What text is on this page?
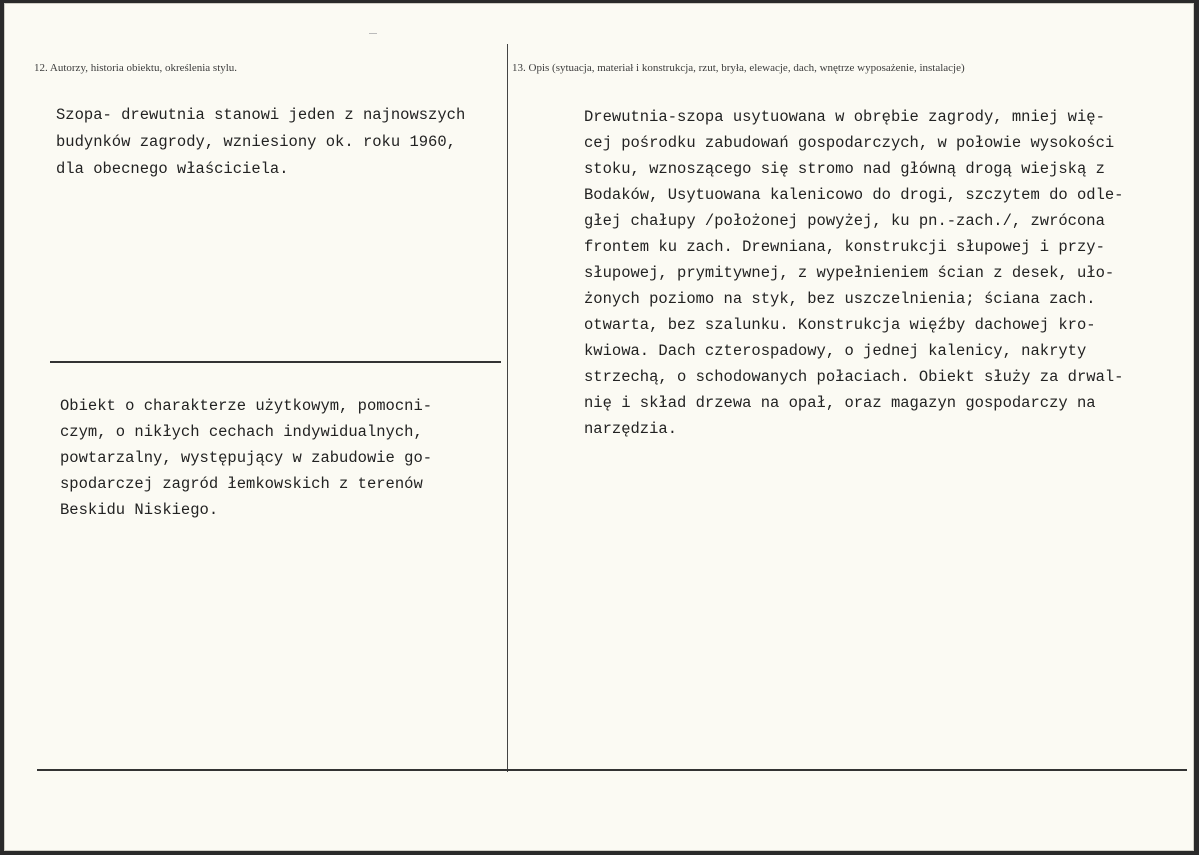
12. Autorzy, historia obiektu, określenia stylu.	13. Opis (sytuacja, materiał i konstrukcja, rzut, bryła, elewacje, dach, wnętrze wyposażenie, instalacje)
Szopa- drewutnia stanowi jeden z najnowszych
budynków zagrody, wzniesiony ok. roku 1960,
dla obecnego właściciela.
Obiekt o charakterze użytkowym, pomocni-
czym, o nikłych cechach indywidualnych,
powtarzalny, występujący w zabudowie go-
spodarczej zagród łemkowskich z terenów
Beskidu Niskiego.
Drewutnia-szopa usytuowana w obrębie zagrody, mniej wię-
cej pośrodku zabudowań gospodarczych, w połowie wysokości
stoku, wznoszącego się stromo nad główną drogą wiejską z
Bodaków, Usytuowana kalenicowo do drogi, szczytem do odle-
głej chałupy /położonej powyżej, ku pn.-zach./, zwrócona
frontem ku zach. Drewniana, konstrukcji słupowej i przy-
słupowej, prymitywnej, z wypełnieniem ścian z desek, uło-
żonych poziomo na styk, bez uszczelnienia; ściana zach.
otwarta, bez szalunku. Konstrukcja więźby dachowej kro-
kwiowa. Dach czterospadowy, o jednej kalenicy, nakryty
strzechą, o schodowanych połaciach. Obiekt służy za drwal-
nię i skład drzewa na opał, oraz magazyn gospodarczy na
narzędzia.
